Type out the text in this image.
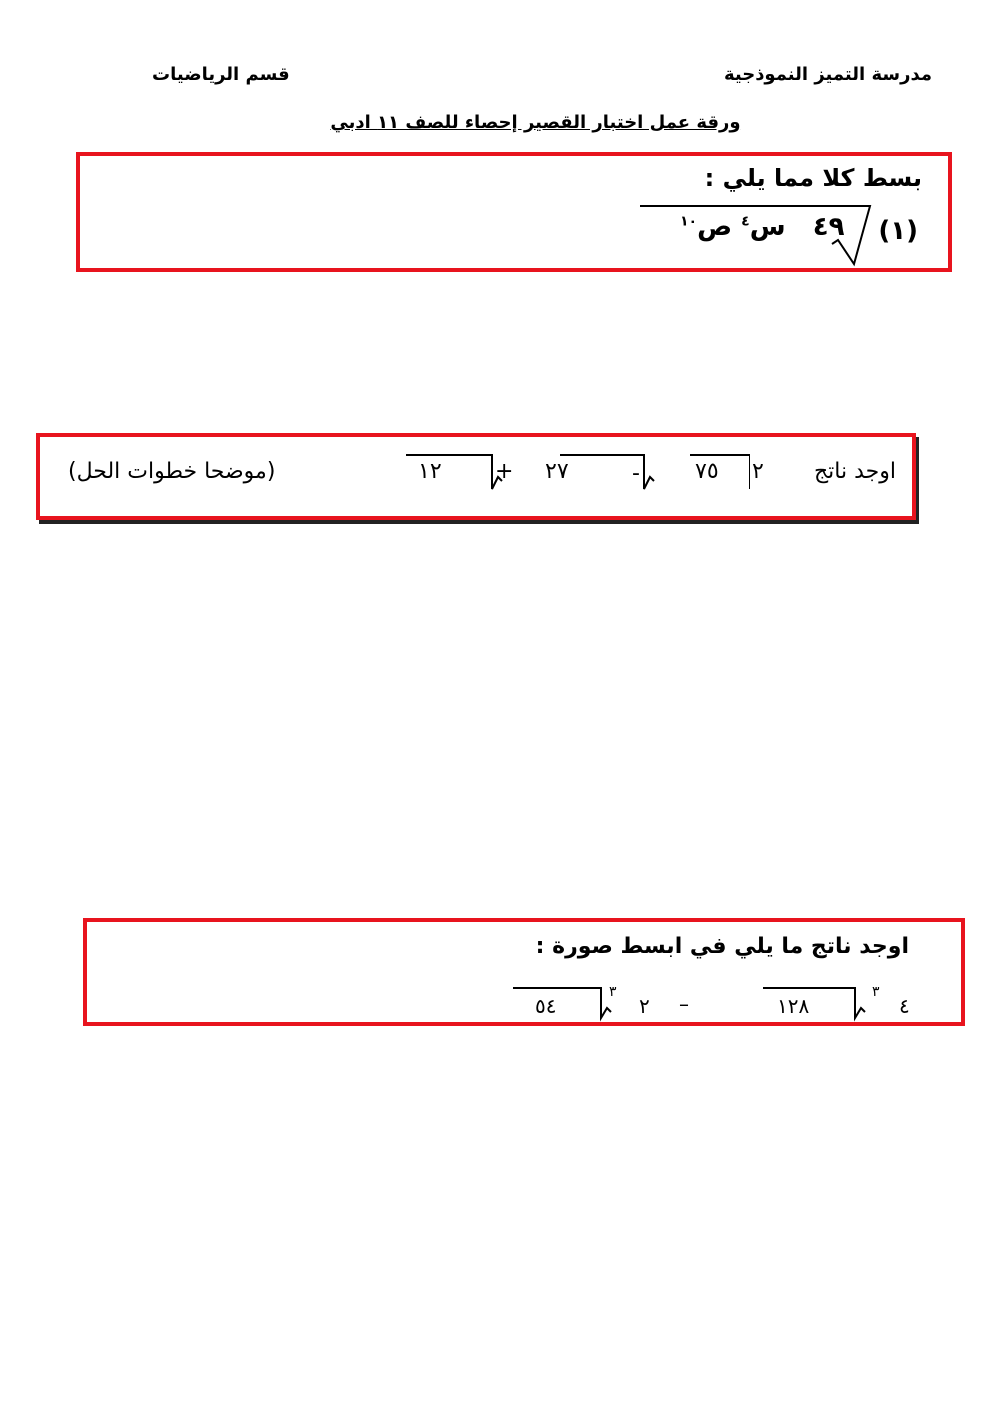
مدرسة التميز النموذجية
قسم الرياضيات
ورقة عمل اختبار القصير إحصاء للصف ١١ ادبي
بسط كلا مما يلي :
(١)
٤٩   س$^٤$ ص$^{١٠}$
اوجد ناتج
٢
٧٥
-
٢٧
+
١٢
(موضحا خطوات الحل)
اوجد ناتج ما يلي في ابسط صورة :
٤
٣
١٢٨
–
٢
٣
٥٤
